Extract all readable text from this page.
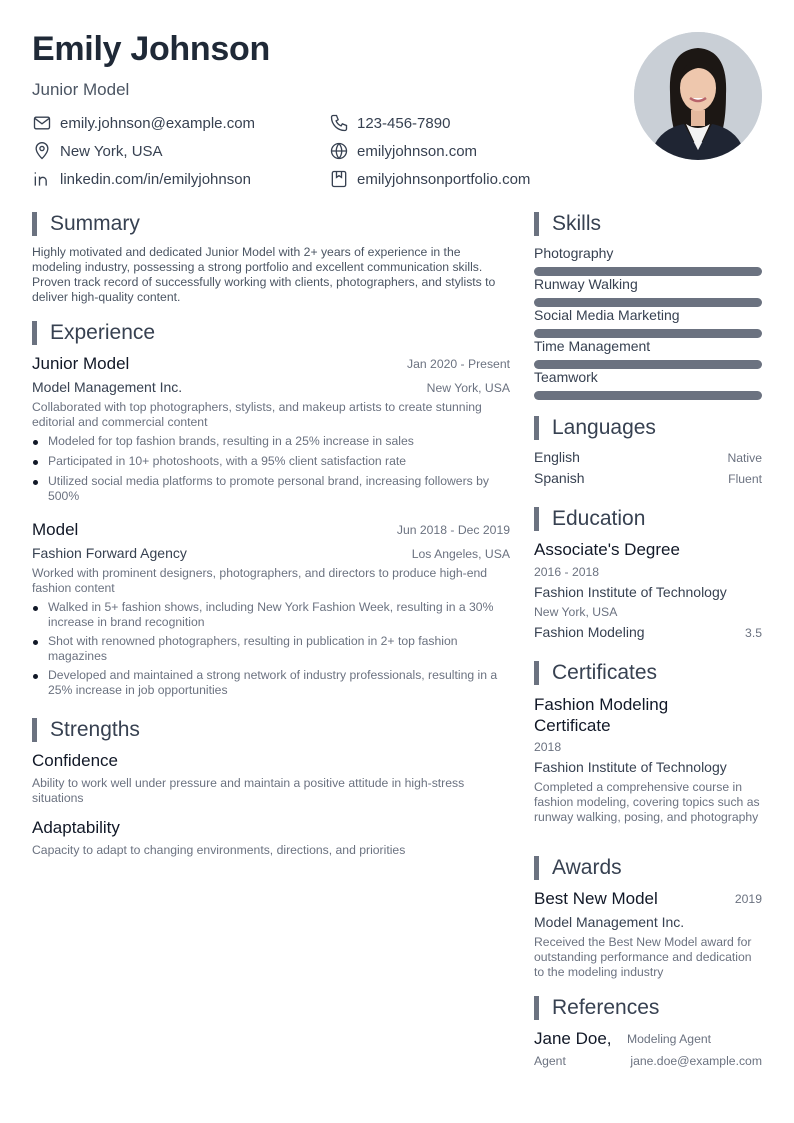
Emily Johnson
Junior Model
emily.johnson@example.com	123-456-7890
New York, USA	emilyjohnson.com
linkedin.com/in/emilyjohnson	emilyjohnsonportfolio.com
Summary
Highly motivated and dedicated Junior Model with 2+ years of experience in the modeling industry, possessing a strong portfolio and excellent communication skills. Proven track record of successfully working with clients, photographers, and stylists to deliver high-quality content.
Experience
Junior Model	Jan 2020 - Present
Model Management Inc.	New York, USA
Collaborated with top photographers, stylists, and makeup artists to create stunning editorial and commercial content
Modeled for top fashion brands, resulting in a 25% increase in sales
Participated in 10+ photoshoots, with a 95% client satisfaction rate
Utilized social media platforms to promote personal brand, increasing followers by 500%
Model	Jun 2018 - Dec 2019
Fashion Forward Agency	Los Angeles, USA
Worked with prominent designers, photographers, and directors to produce high-end fashion content
Walked in 5+ fashion shows, including New York Fashion Week, resulting in a 30% increase in brand recognition
Shot with renowned photographers, resulting in publication in 2+ top fashion magazines
Developed and maintained a strong network of industry professionals, resulting in a 25% increase in job opportunities
Strengths
Confidence
Ability to work well under pressure and maintain a positive attitude in high-stress situations
Adaptability
Capacity to adapt to changing environments, directions, and priorities
Skills
Photography
Runway Walking
Social Media Marketing
Time Management
Teamwork
Languages
English	Native
Spanish	Fluent
Education
Associate's Degree
2016 - 2018
Fashion Institute of Technology
New York, USA
Fashion Modeling	3.5
Certificates
Fashion Modeling Certificate
2018
Fashion Institute of Technology
Completed a comprehensive course in fashion modeling, covering topics such as runway walking, posing, and photography
Awards
Best New Model	2019
Model Management Inc.
Received the Best New Model award for outstanding performance and dedication to the modeling industry
References
Jane Doe, Modeling Agent
Agent	jane.doe@example.com
